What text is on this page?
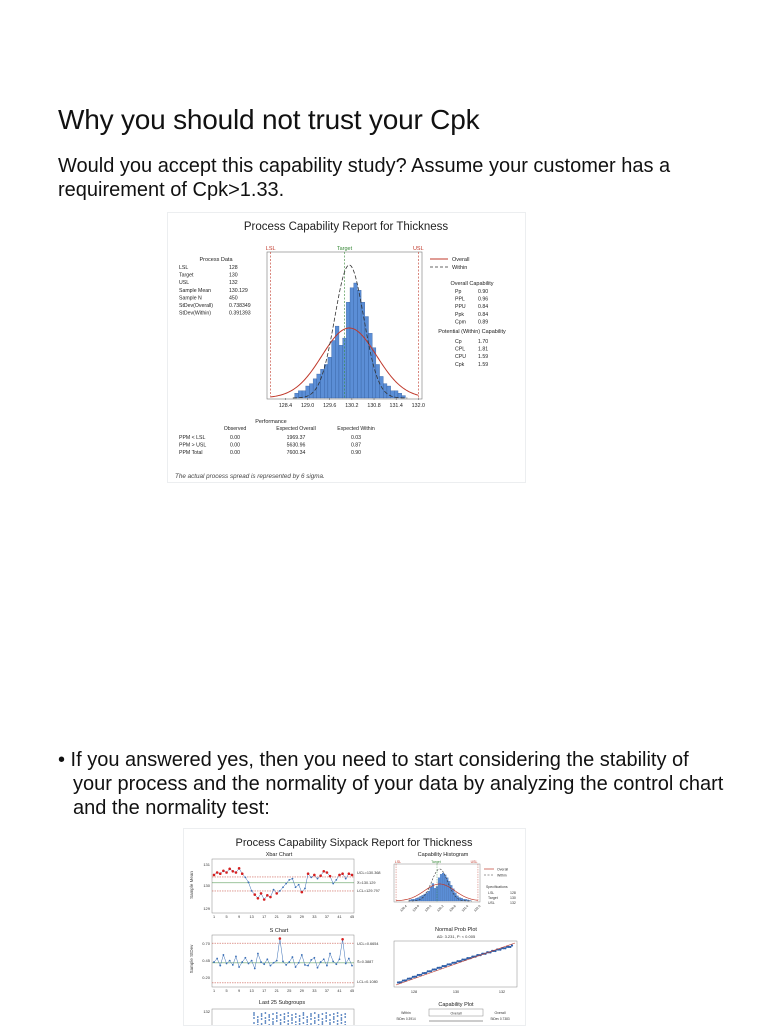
Why you should not trust your Cpk
Would you accept this capability study? Assume your customer has a requirement of Cpk>1.33.
Process Capability Report for Thickness
Process Data
LSL	128
Target	130
USL	132
Sample Mean	130.129
Sample N	450
StDev(Overall)	0.738349
StDev(Within)	0.391393
LSL	Target	USL
128.4 129.0 129.6 130.2 130.8 131.4 132.0
Overall
Within
Overall Capability
Pp	0.90
PPL	0.96
PPU 0.84
Ppk	0.84
Cpm 0.89
Potential (Within) Capability
Cp	1.70
CPL 1.81
CPU 1.59
Cpk	1.59
Performance
Observed	Expected Overall	Expected Within
PPM < LSL	0.00	1969.37	0.03
PPM > USL	0.00	5630.96	0.87
PPM Total	0.00	7600.34	0.90
The actual process spread is represented by 6 sigma.
• If you answered yes, then you need to start considering the stability of your process and the normality of your data by analyzing the control chart and the normality test:
Process Capability Sixpack Report for Thickness
Xbar Chart
Sample Mean
131
130
129
1	5	9 13 17 21 25 29 33 37 41 45
UCL=130.368
X̄=130.129
LCL=129.797
S Chart
Sample StDev
0.70
0.45
0.20
1	5	9 13 17 21 25 29 33 37 41 45
UCL=0.6654
S̄=0.3887
LCL=0.1080
Last 25 Subgroups
132
Capability Histogram
LSL	Target	USL
128.4 129.0 129.6 130.2 130.8 131.4 132.0
Overall
Within
Specifications
LSL	128
Target	130
USL	132
Normal Prob Plot
AD: 3.231, P: < 0.005
128	130	132
Capability Plot
Within
StDev 0.3914
Overall
StDev 0.7383
Overall
